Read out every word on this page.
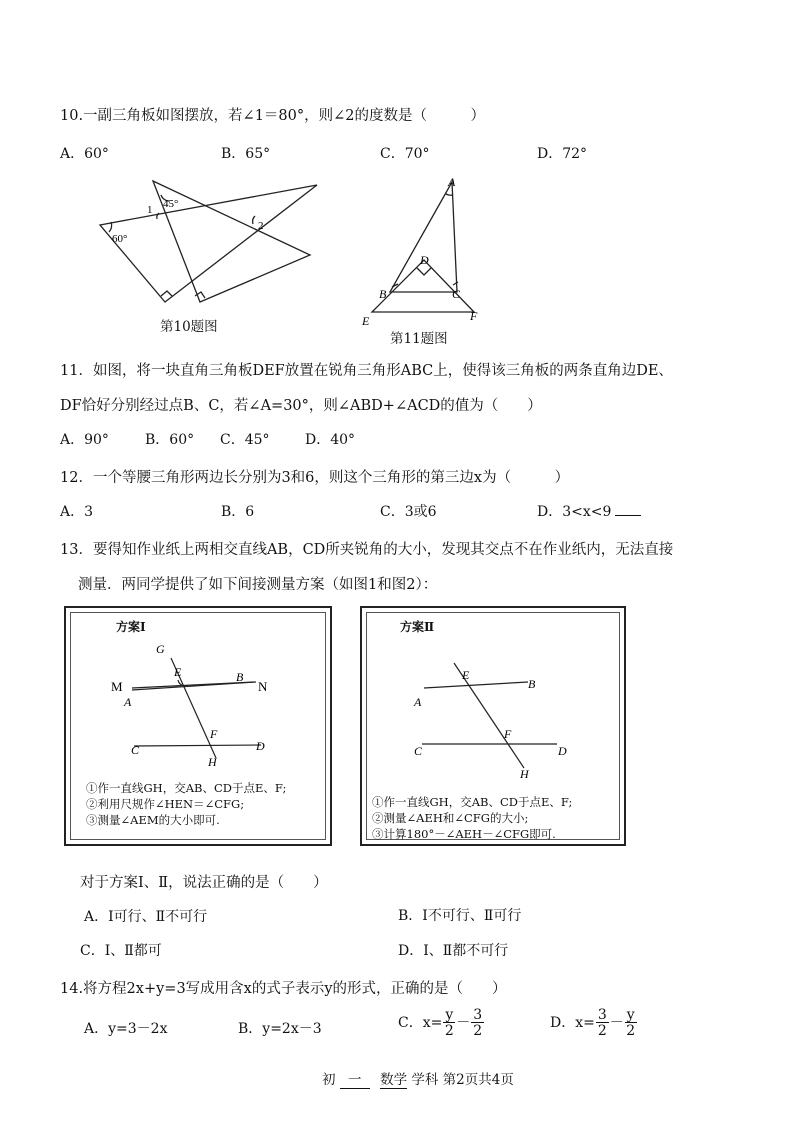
10.一副三角板如图摆放，若∠1＝80°，则∠2的度数是（　　　）
A．60°	B．65°	C．70°	D．72°
60°
45°
1
2
第10题图
A
D
B	C
E	F
第11题图
11．如图，将一块直角三角板DEF放置在锐角三角形ABC上，使得该三角板的两条直角边DE、
DF恰好分别经过点B、C，若∠A=30°，则∠ABD+∠ACD的值为（　　）
A．90°	B．60° C．45°	D．40°
12．一个等腰三角形两边长分别为3和6，则这个三角形的第三边x为（　　　）
A．3	B．6	C．3或6	D．3<x<9
13．要得知作业纸上两相交直线AB，CD所夹锐角的大小，发现其交点不在作业纸内，无法直接
测量．两同学提供了如下间接测量方案（如图1和图2）：
方案Ⅰ
G
E	B
M	N
A
F
C	D
H
①作一直线GH，交AB、CD于点E、F;
②利用尺规作∠HEN＝∠CFG;
③测量∠AEM的大小即可.
方案Ⅱ
E
B
A
F
C	D
H
①作一直线GH，交AB、CD于点E、F;
②测量∠AEH和∠CFG的大小;
③计算180°－∠AEH－∠CFG即可.
对于方案Ⅰ、Ⅱ，说法正确的是（　　）
A．Ⅰ可行、Ⅱ不可行	B．Ⅰ不可行、Ⅱ可行
C．Ⅰ、Ⅱ都可	D．Ⅰ、Ⅱ都不可行
14.将方程2x+y=3写成用含x的式子表示y的形式，正确的是（　　）
A．y=3－2x	B．y=2x－3	C．$x= \frac{y}{2} - \frac{3}{2}$	D．$x= \frac{3}{2} - \frac{y}{2}$
初 一 数学 学科 第2页共4页
